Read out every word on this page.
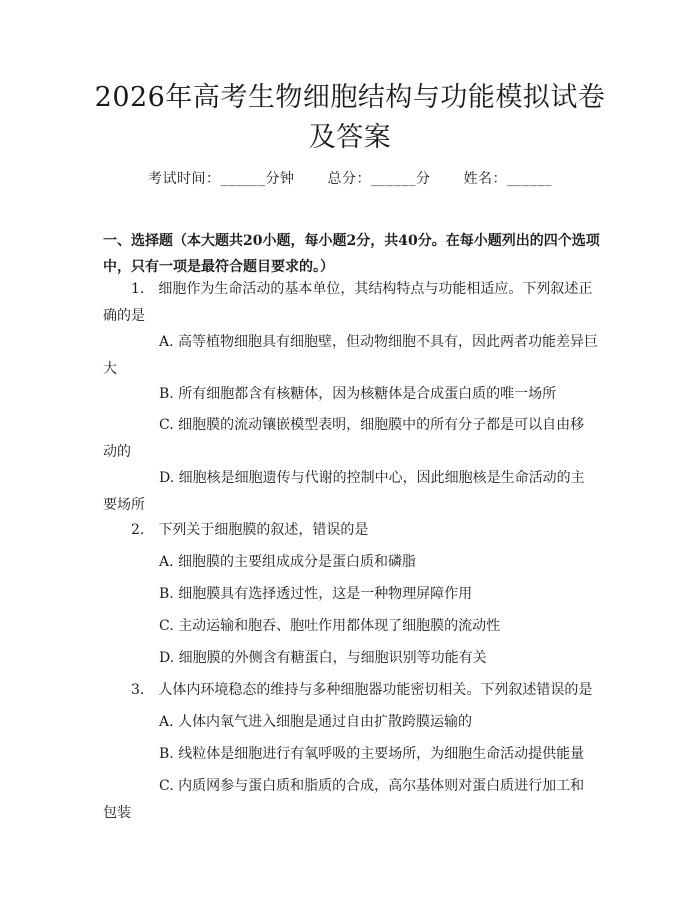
2026年高考生物细胞结构与功能模拟试卷及答案
考试时间：______分钟 总分：______分 姓名：______
一、选择题（本大题共20小题，每小题2分，共40分。在每小题列出的四个选项中，只有一项是最符合题目要求的。）
1.　细胞作为生命活动的基本单位，其结构特点与功能相适应。下列叙述正确的是
A. 高等植物细胞具有细胞壁，但动物细胞不具有，因此两者功能差异巨大
B. 所有细胞都含有核糖体，因为核糖体是合成蛋白质的唯一场所
C. 细胞膜的流动镶嵌模型表明，细胞膜中的所有分子都是可以自由移动的
D. 细胞核是细胞遗传与代谢的控制中心，因此细胞核是生命活动的主要场所
2.　下列关于细胞膜的叙述，错误的是
A. 细胞膜的主要组成成分是蛋白质和磷脂
B. 细胞膜具有选择透过性，这是一种物理屏障作用
C. 主动运输和胞吞、胞吐作用都体现了细胞膜的流动性
D. 细胞膜的外侧含有糖蛋白，与细胞识别等功能有关
3.　人体内环境稳态的维持与多种细胞器功能密切相关。下列叙述错误的是
A. 人体内氧气进入细胞是通过自由扩散跨膜运输的
B. 线粒体是细胞进行有氧呼吸的主要场所，为细胞生命活动提供能量
C. 内质网参与蛋白质和脂质的合成，高尔基体则对蛋白质进行加工和包装
